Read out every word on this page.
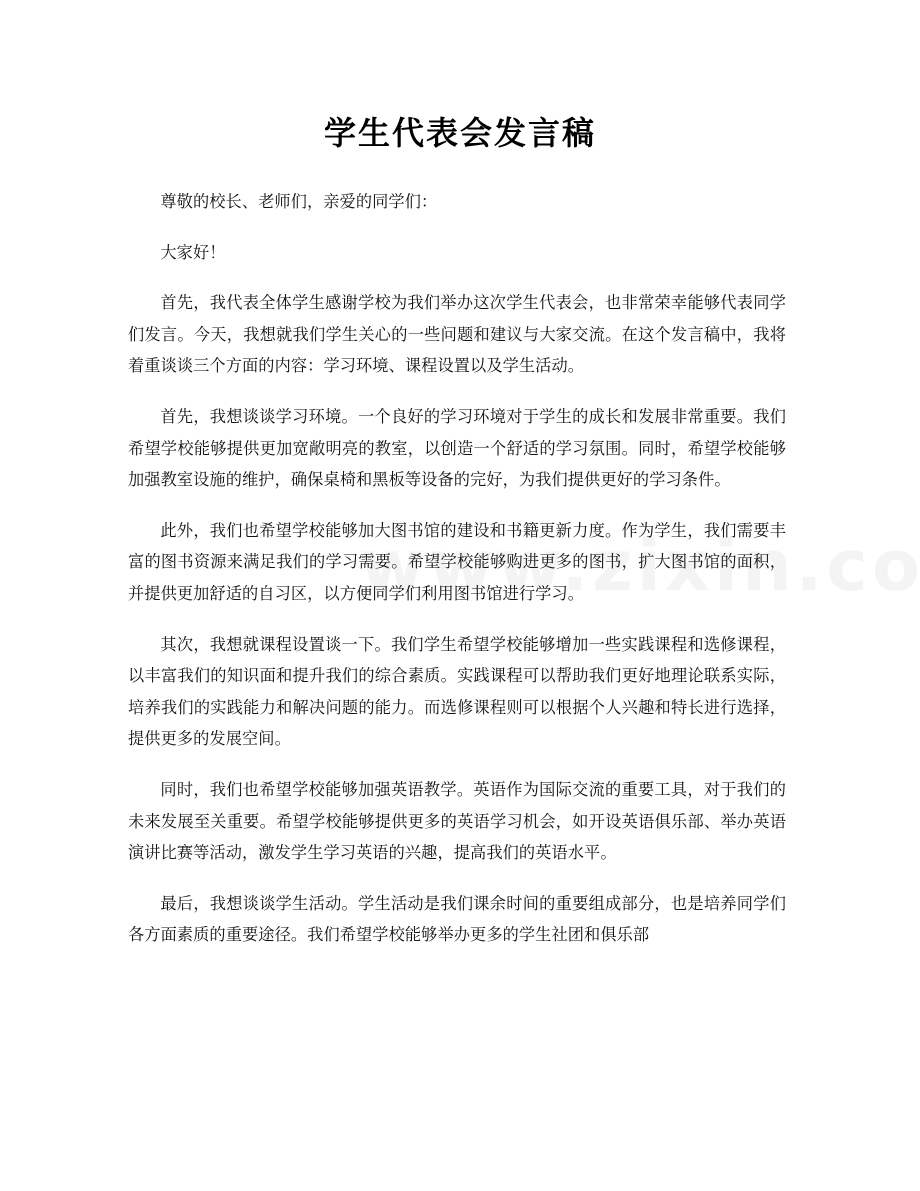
学生代表会发言稿

尊敬的校长、老师们，亲爱的同学们：

大家好！

首先，我代表全体学生感谢学校为我们举办这次学生代表会，也非常荣幸能够代表同学们发言。今天，我想就我们学生关心的一些问题和建议与大家交流。在这个发言稿中，我将着重谈谈三个方面的内容：学习环境、课程设置以及学生活动。

首先，我想谈谈学习环境。一个良好的学习环境对于学生的成长和发展非常重要。我们希望学校能够提供更加宽敞明亮的教室，以创造一个舒适的学习氛围。同时，希望学校能够加强教室设施的维护，确保桌椅和黑板等设备的完好，为我们提供更好的学习条件。

此外，我们也希望学校能够加大图书馆的建设和书籍更新力度。作为学生，我们需要丰富的图书资源来满足我们的学习需要。希望学校能够购进更多的图书，扩大图书馆的面积，并提供更加舒适的自习区，以方便同学们利用图书馆进行学习。

其次，我想就课程设置谈一下。我们学生希望学校能够增加一些实践课程和选修课程，以丰富我们的知识面和提升我们的综合素质。实践课程可以帮助我们更好地理论联系实际，培养我们的实践能力和解决问题的能力。而选修课程则可以根据个人兴趣和特长进行选择，提供更多的发展空间。

同时，我们也希望学校能够加强英语教学。英语作为国际交流的重要工具，对于我们的未来发展至关重要。希望学校能够提供更多的英语学习机会，如开设英语俱乐部、举办英语演讲比赛等活动，激发学生学习英语的兴趣，提高我们的英语水平。

最后，我想谈谈学生活动。学生活动是我们课余时间的重要组成部分，也是培养同学们各方面素质的重要途径。我们希望学校能够举办更多的学生社团和俱乐部
